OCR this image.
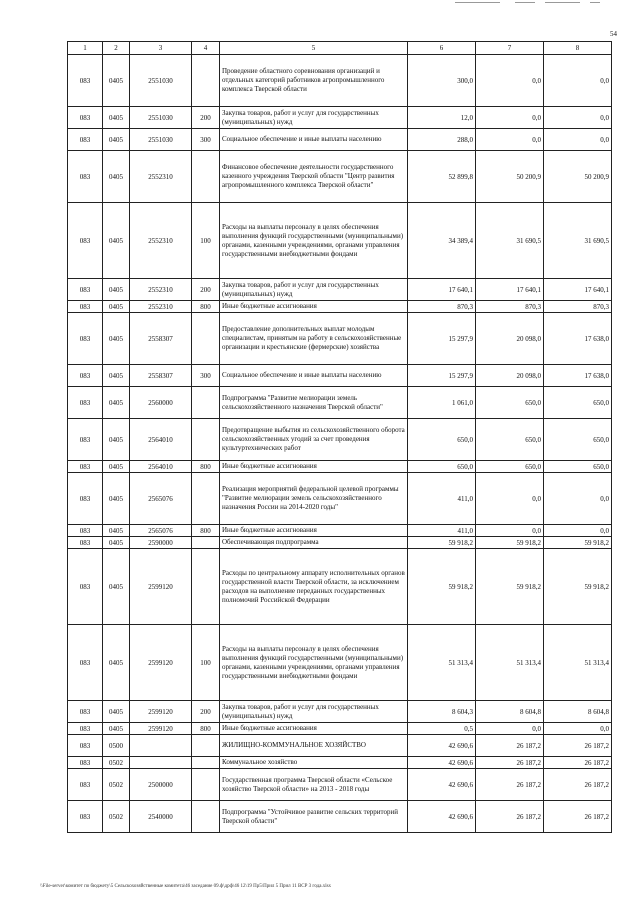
54
1	2	3	4	5	6	7	8
083	0405	2551030		Проведение областного соревнования организаций и отдельных категорий работников агропромышленного комплекса Тверской области	300,0	0,0	0,0
083	0405	2551030	200	Закупка товаров, работ и услуг для государственных (муниципальных) нужд	12,0	0,0	0,0
083	0405	2551030	300	Социальное обеспечение и иные выплаты населению	288,0	0,0	0,0
083	0405	2552310		Финансовое обеспечение деятельности государственного казенного учреждения Тверской области "Центр развития агропромышленного комплекса Тверской области"	52 899,8	50 200,9	50 200,9
083	0405	2552310	100	Расходы на выплаты персоналу в целях обеспечения выполнения функций государственными (муниципальными) органами, казенными учреждениями, органами управления государственными внебюджетными фондами	34 389,4	31 690,5	31 690,5
083	0405	2552310	200	Закупка товаров, работ и услуг для государственных (муниципальных) нужд	17 640,1	17 640,1	17 640,1
083	0405	2552310	800	Иные бюджетные ассигнования	870,3	870,3	870,3
083	0405	2558307		Предоставление дополнительных выплат молодым специалистам, принятым на работу в сельскохозяйственные организации и крестьянские (фермерские) хозяйства	15 297,9	20 098,0	17 638,0
083	0405	2558307	300	Социальное обеспечение и иные выплаты населению	15 297,9	20 098,0	17 638,0
083	0405	2560000		Подпрограмма "Развитие мелиорации земель сельскохозяйственного назначения Тверской области"	1 061,0	650,0	650,0
083	0405	2564010		Предотвращение выбытия из сельскохозяйственного оборота сельскохозяйственных угодий за счет проведения культуртехнических работ	650,0	650,0	650,0
083	0405	2564010	800	Иные бюджетные ассигнования	650,0	650,0	650,0
083	0405	2565076		Реализация мероприятий федеральной целевой программы "Развитие мелиорации земель сельскохозяйственного назначения России на 2014-2020 годы"	411,0	0,0	0,0
083	0405	2565076	800	Иные бюджетные ассигнования	411,0	0,0	0,0
083	0405	2590000		Обеспечивающая подпрограмма	59 918,2	59 918,2	59 918,2
083	0405	2599120		Расходы по центральному аппарату исполнительных органов государственной власти Тверской области, за исключением расходов на выполнение переданных государственных полномочий Российской Федерации	59 918,2	59 918,2	59 918,2
083	0405	2599120	100	Расходы на выплаты персоналу в целях обеспечения выполнения функций государственными (муниципальными) органами, казенными учреждениями, органами управления государственными внебюджетными фондами	51 313,4	51 313,4	51 313,4
083	0405	2599120	200	Закупка товаров, работ и услуг для государственных (муниципальных) нужд	8 604,3	8 604,8	8 604,8
083	0405	2599120	800	Иные бюджетные ассигнования	0,5	0,0	0,0
083	0500			ЖИЛИЩНО-КОММУНАЛЬНОЕ ХОЗЯЙСТВО	42 690,6	26 187,2	26 187,2
083	0502			Коммунальное хозяйство	42 690,6	26 187,2	26 187,2
083	0502	2500000		Государственная программа Тверской области «Сельское хозяйство Тверской области» на 2013 - 2018 годы	42 690,6	26 187,2	26 187,2
083	0502	2540000		Подпрограмма "Устойчивое развитие сельских территорий Тверской области"	42 690,6	26 187,2	26 187,2
\\File-server\комитет по бюджету\5 Сельскохозяйственные комитета\46 заседание 09.ф\дрф\46 12\19 Пр5\Прил 5 Прил 11 ВСР 3 года.xlsx
